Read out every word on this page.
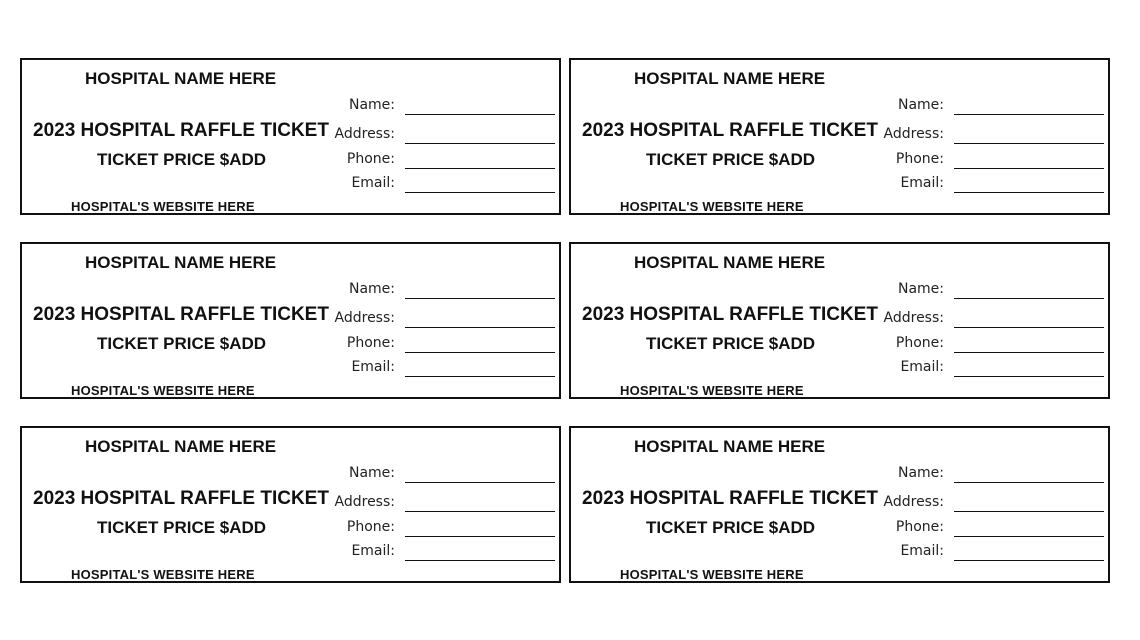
HOSPITAL NAME HERE
2023 HOSPITAL RAFFLE TICKET
TICKET PRICE $ADD
HOSPITAL'S WEBSITE HERE
Name:
Address:
Phone:
Email:
HOSPITAL NAME HERE
2023 HOSPITAL RAFFLE TICKET
TICKET PRICE $ADD
HOSPITAL'S WEBSITE HERE
Name:
Address:
Phone:
Email:
HOSPITAL NAME HERE
2023 HOSPITAL RAFFLE TICKET
TICKET PRICE $ADD
HOSPITAL'S WEBSITE HERE
Name:
Address:
Phone:
Email:
HOSPITAL NAME HERE
2023 HOSPITAL RAFFLE TICKET
TICKET PRICE $ADD
HOSPITAL'S WEBSITE HERE
Name:
Address:
Phone:
Email:
HOSPITAL NAME HERE
2023 HOSPITAL RAFFLE TICKET
TICKET PRICE $ADD
HOSPITAL'S WEBSITE HERE
Name:
Address:
Phone:
Email:
HOSPITAL NAME HERE
2023 HOSPITAL RAFFLE TICKET
TICKET PRICE $ADD
HOSPITAL'S WEBSITE HERE
Name:
Address:
Phone:
Email:
